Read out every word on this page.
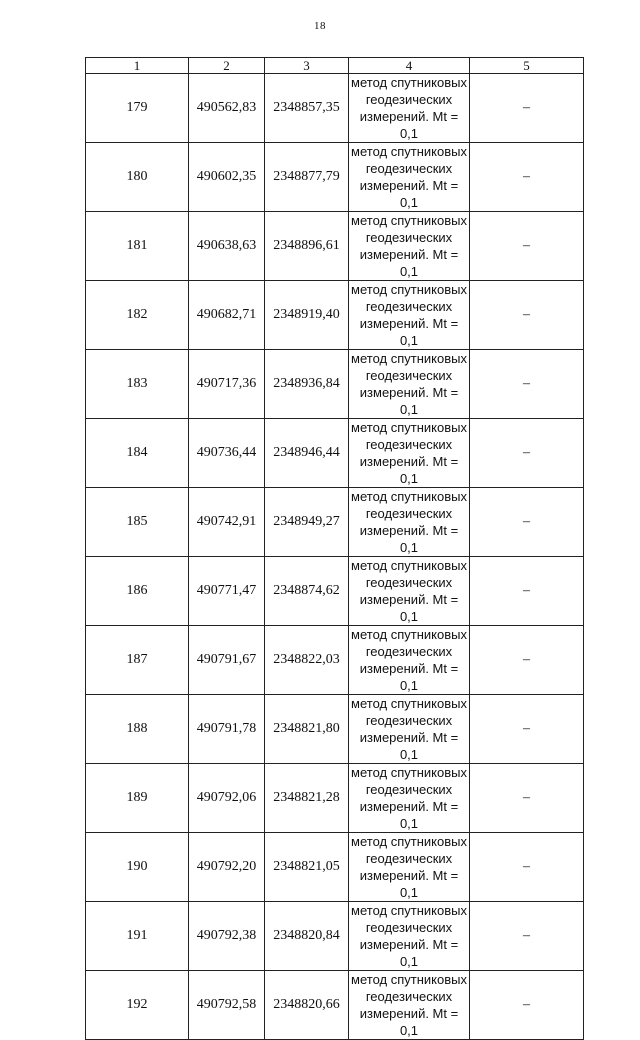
18
1	2	3	4	5
179	490562,83	2348857,35	метод спутниковых
геодезических
измерений. Mt = 0,1	–
180	490602,35	2348877,79	метод спутниковых
геодезических
измерений. Mt = 0,1	–
181	490638,63	2348896,61	метод спутниковых
геодезических
измерений. Mt = 0,1	–
182	490682,71	2348919,40	метод спутниковых
геодезических
измерений. Mt = 0,1	–
183	490717,36	2348936,84	метод спутниковых
геодезических
измерений. Mt = 0,1	–
184	490736,44	2348946,44	метод спутниковых
геодезических
измерений. Mt = 0,1	–
185	490742,91	2348949,27	метод спутниковых
геодезических
измерений. Mt = 0,1	–
186	490771,47	2348874,62	метод спутниковых
геодезических
измерений. Mt = 0,1	–
187	490791,67	2348822,03	метод спутниковых
геодезических
измерений. Mt = 0,1	–
188	490791,78	2348821,80	метод спутниковых
геодезических
измерений. Mt = 0,1	–
189	490792,06	2348821,28	метод спутниковых
геодезических
измерений. Mt = 0,1	–
190	490792,20	2348821,05	метод спутниковых
геодезических
измерений. Mt = 0,1	–
191	490792,38	2348820,84	метод спутниковых
геодезических
измерений. Mt = 0,1	–
192	490792,58	2348820,66	метод спутниковых
геодезических
измерений. Mt = 0,1	–
